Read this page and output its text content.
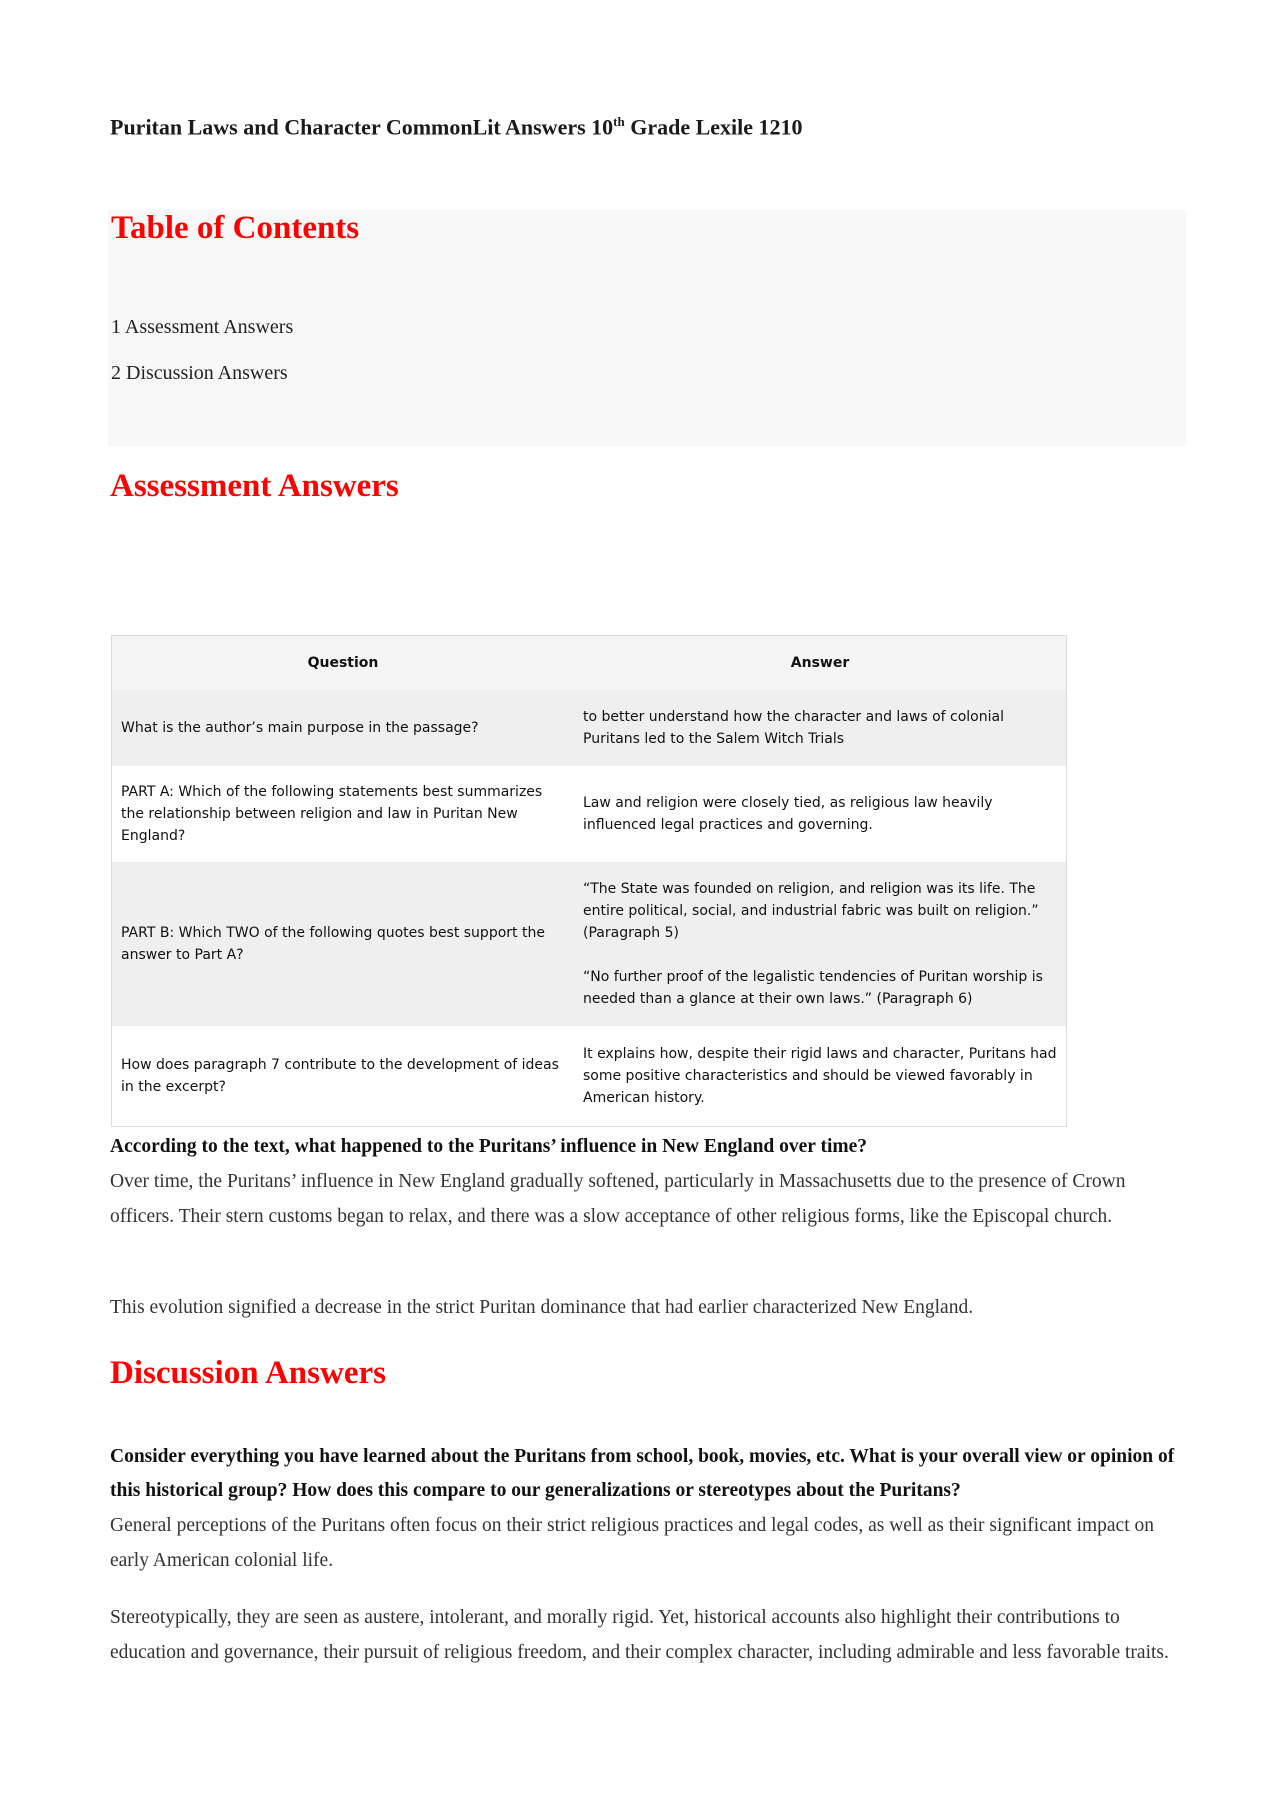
Puritan Laws and Character CommonLit Answers 10th Grade Lexile 1210
Table of Contents
1 Assessment Answers
2 Discussion Answers
Assessment Answers
Question	Answer
What is the author’s main purpose in the passage?	to better understand how the character and laws of colonial Puritans led to the Salem Witch Trials
PART A: Which of the following statements best summarizes the relationship between religion and law in Puritan New England?	Law and religion were closely tied, as religious law heavily influenced legal practices and governing.
PART B: Which TWO of the following quotes best support the answer to Part A?	“The State was founded on religion, and religion was its life. The entire political, social, and industrial fabric was built on religion.” (Paragraph 5)
“No further proof of the legalistic tendencies of Puritan worship is needed than a glance at their own laws.” (Paragraph 6)

How does paragraph 7 contribute to the development of ideas in the excerpt?	It explains how, despite their rigid laws and character, Puritans had some positive characteristics and should be viewed favorably in American history.
According to the text, what happened to the Puritans’ influence in New England over time?
Over time, the Puritans’ influence in New England gradually softened, particularly in Massachusetts due to the presence of Crown officers. Their stern customs began to relax, and there was a slow acceptance of other religious forms, like the Episcopal church.
This evolution signified a decrease in the strict Puritan dominance that had earlier characterized New England.
Discussion Answers
Consider everything you have learned about the Puritans from school, book, movies, etc. What is your overall view or opinion of this historical group? How does this compare to our generalizations or stereotypes about the Puritans?
General perceptions of the Puritans often focus on their strict religious practices and legal codes, as well as their significant impact on early American colonial life.
Stereotypically, they are seen as austere, intolerant, and morally rigid. Yet, historical accounts also highlight their contributions to education and governance, their pursuit of religious freedom, and their complex character, including admirable and less favorable traits.
